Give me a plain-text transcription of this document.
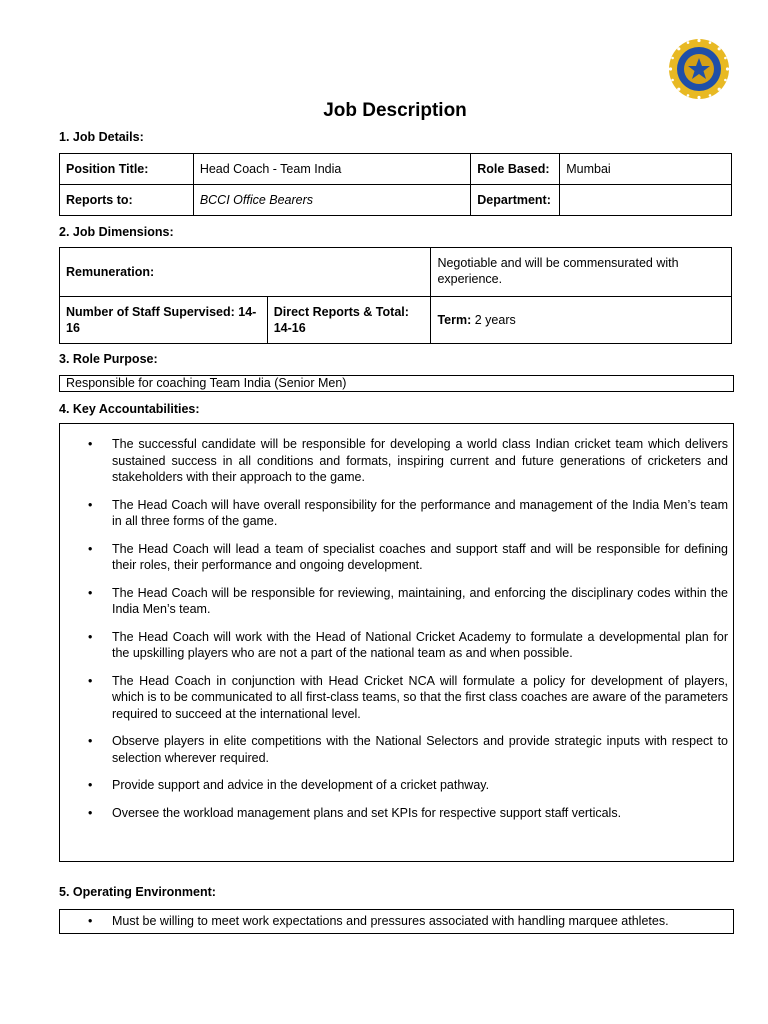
Job Description
1. Job Details:
Position Title:	Head Coach - Team India	Role Based:	Mumbai
Reports to:	BCCI Office Bearers	Department:	
2. Job Dimensions:
Remuneration:		Negotiable and will be commensurated with experience.
Number of Staff Supervised: 14-16	Direct Reports & Total: 14-16	Term: 2 years
3. Role Purpose:
Responsible for coaching Team India (Senior Men)
4. Key Accountabilities:
•	The successful candidate will be responsible for developing a world class Indian cricket team which delivers sustained success in all conditions and formats, inspiring current and future generations of cricketers and stakeholders with their approach to the game.
•	The Head Coach will have overall responsibility for the performance and management of the India Men’s team in all three forms of the game.
•	The Head Coach will lead a team of specialist coaches and support staff and will be responsible for defining their roles, their performance and ongoing development.
•	The Head Coach will be responsible for reviewing, maintaining, and enforcing the disciplinary codes within the India Men’s team.
•	The Head Coach will work with the Head of National Cricket Academy to formulate a developmental plan for the upskilling players who are not a part of the national team as and when possible.
•	The Head Coach in conjunction with Head Cricket NCA will formulate a policy for development of players, which is to be communicated to all first-class teams, so that the first class coaches are aware of the parameters required to succeed at the international level.
•	Observe players in elite competitions with the National Selectors and provide strategic inputs with respect to selection wherever required.
•	Provide support and advice in the development of a cricket pathway.
•	Oversee the workload management plans and set KPIs for respective support staff verticals.
5. Operating Environment:
•	Must be willing to meet work expectations and pressures associated with handling marquee athletes.
